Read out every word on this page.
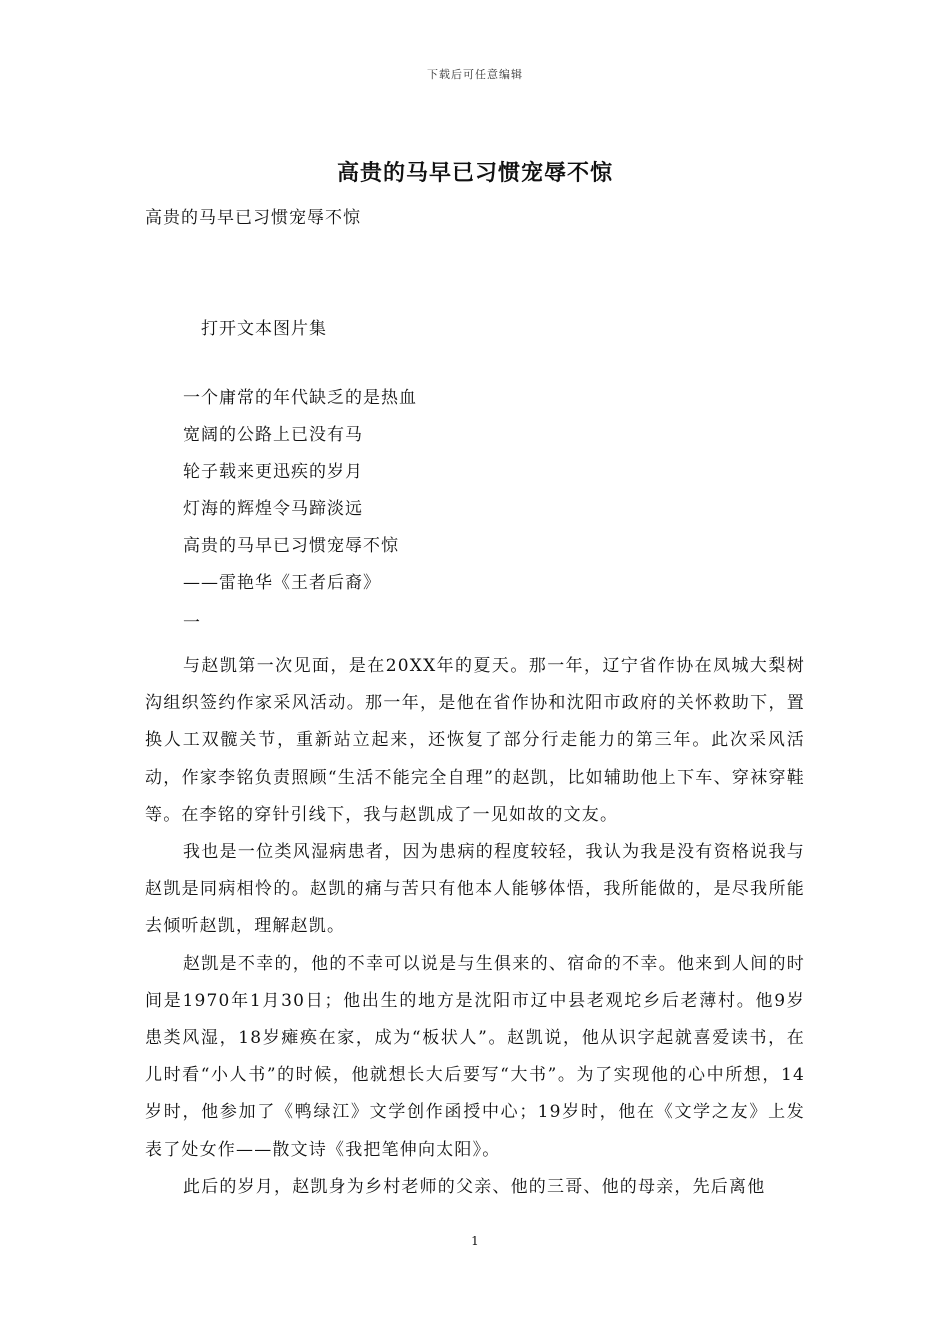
下载后可任意编辑
高贵的马早已习惯宠辱不惊
高贵的马早已习惯宠辱不惊
打开文本图片集
一个庸常的年代缺乏的是热血
宽阔的公路上已没有马
轮子载来更迅疾的岁月
灯海的辉煌令马蹄淡远
高贵的马早已习惯宠辱不惊
——雷艳华《王者后裔》
一

与赵凯第一次见面，是在20XX年的夏天。那一年，辽宁省作协在凤城大梨树沟组织签约作家采风活动。那一年，是他在省作协和沈阳市政府的关怀救助下，置换人工双髋关节，重新站立起来，还恢复了部分行走能力的第三年。此次采风活动，作家李铭负责照顾“生活不能完全自理”的赵凯，比如辅助他上下车、穿袜穿鞋等。在李铭的穿针引线下，我与赵凯成了一见如故的文友。

我也是一位类风湿病患者，因为患病的程度较轻，我认为我是没有资格说我与赵凯是同病相怜的。赵凯的痛与苦只有他本人能够体悟，我所能做的，是尽我所能去倾听赵凯，理解赵凯。

赵凯是不幸的，他的不幸可以说是与生俱来的、宿命的不幸。他来到人间的时间是1970年1月30日；他出生的地方是沈阳市辽中县老观坨乡后老薄村。他9岁患类风湿，18岁瘫痪在家，成为“板状人”。赵凯说，他从识字起就喜爱读书，在儿时看“小人书”的时候，他就想长大后要写“大书”。为了实现他的心中所想，14岁时，他参加了《鸭绿江》文学创作函授中心；19岁时，他在《文学之友》上发表了处女作——散文诗《我把笔伸向太阳》。

此后的岁月，赵凯身为乡村老师的父亲、他的三哥、他的母亲，先后离他

1
